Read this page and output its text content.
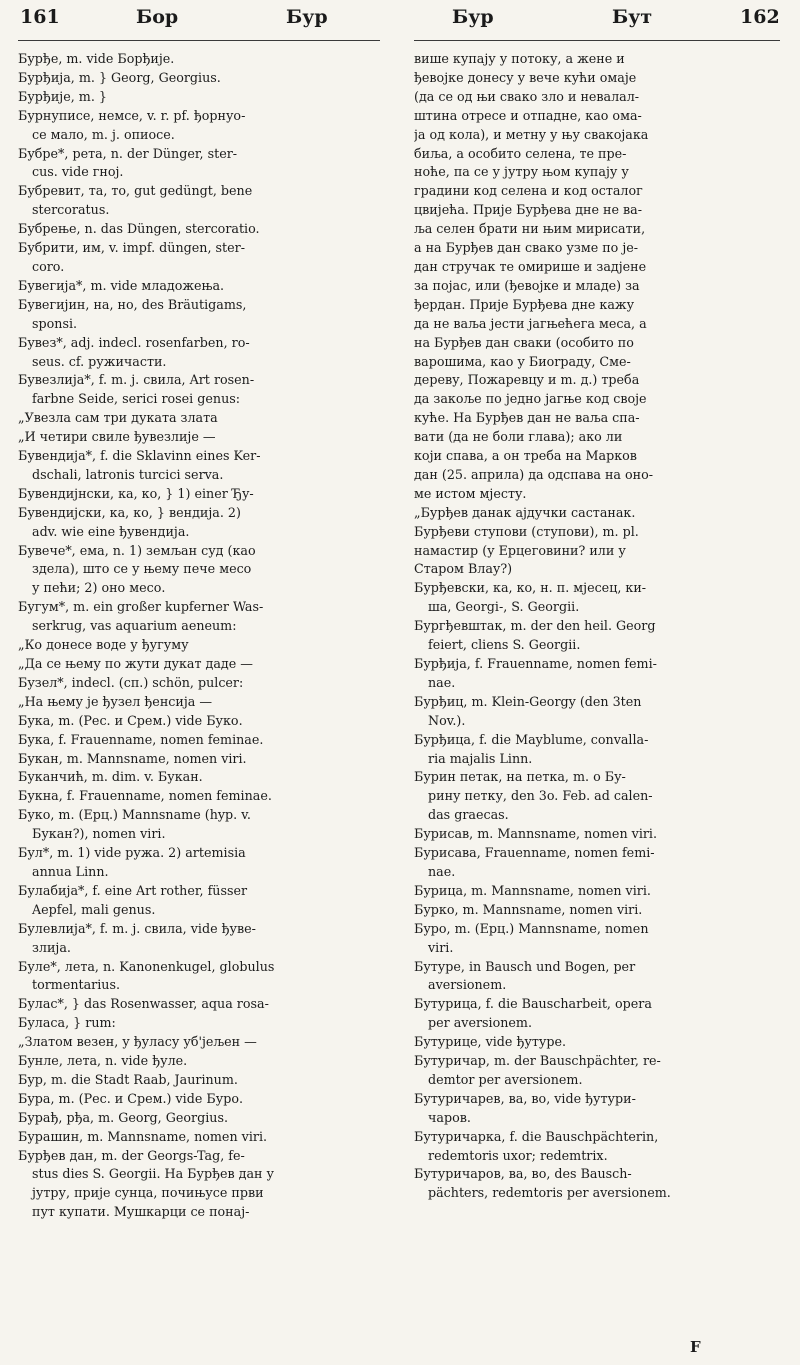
161	Бор	Бур	Бур	Бут	162
Бурђе, m. vide Борђије.
Бурђија, m. } Georg, Georgius.
Бурђије, m. }
Бурнуписе, немсе, v. r. pf. ђорнуо-
се мало, m. j. опиосе.
Бубре*, рета, n. der Dünger, ster-
cus. vide гној.
Бубревит, та, то, gut gedüngt, bene
stercoratus.
Бубрење, n. das Düngen, stercoratio.
Бубрити, им, v. impf. düngen, ster-
coro.
Бувегија*, m. vide младожења.
Бувегијин, на, но, des Bräutigams,
sponsi.
Бувез*, adj. indecl. rosenfarben, ro-
seus. cf. ружичасти.
Бувезлија*, f. m. j. свила, Art rosen-
farbne Seide, serici rosei genus:
„Увезла сам три дуката злата
„И четири свиле ђувезлије —
Бувендија*, f. die Sklavinn eines Ker-
dschali, latronis turcici serva.
Бувендијнски, ка, ко, } 1) einer Ђу-
Бувендијски, ка, ко, } вендија. 2)
adv. wie eine ђувендија.
Бувече*, ема, n. 1) земљан суд (као
здела), што се у њему пече месо
у пећи; 2) оно месо.
Бугум*, m. ein großer kupferner Was-
serkrug, vas aquarium aeneum:
„Ко донесе воде у ђугуму
„Да се њему по жути дукат даде —
Бузел*, indecl. (сп.) schön, pulcer:
„На њему је ђузел ђенсија —
Бука, m. (Рес. и Срем.) vide Буко.
Бука, f. Frauenname, nomen feminae.
Букан, m. Mannsname, nomen viri.
Буканчић, m. dim. v. Букан.
Букна, f. Frauenname, nomen feminae.
Буко, m. (Ерц.) Mannsname (hyp. v.
Букан?), nomen viri.
Бул*, m. 1) vide ружа. 2) artemisia
annua Linn.
Булабија*, f. eine Art rother, füsser
Aepfel, mali genus.
Булевлија*, f. m. j. свила, vide ђуве-
злија.
Буле*, лета, n. Kanonenkugel, globulus
tormentarius.
Булас*, } das Rosenwasser, aqua rosa-
Буласа, } rum:
„Златом везен, у ђуласу уб'јељен —
Бунле, лета, n. vide ђуле.
Бур, m. die Stadt Raab, Jaurinum.
Бура, m. (Рес. и Срем.) vide Буро.
Бурађ, рђа, m. Georg, Georgius.
Бурашин, m. Mannsname, nomen viri.
Бурђев дан, m. der Georgs-Tag, fe-
stus dies S. Georgii. На Бурђев дан у
јутру, прије сунца, почињуce први
пут купати. Мушкарци се понај-
више купају у потоку, а жене и
ђевојке донесу у вече кући омаје
(да се од њи свако зло и невалал-
штина отресе и отпадне, као ома-
ја од кола), и метну у њу свакојака
биља, а особито селена, те пре-
ноће, па се у јутру њом купају у
градини код селена и код осталог
цвијећа. Прије Бурђева дне не ва-
ља селен брати ни њим мирисати,
а на Бурђев дан свако узме по је-
дан стручак те омирише и задјене
за појас, или (ђевојке и младе) за
ђердан. Прије Бурђева дне кажу
да не ваља јести јагњећега меса, а
на Бурђев дан сваки (особито по
варошима, као у Биоrраду, Сме-
дереву, Пожаревцу и m. д.) треба
да закоље по једно јагње код своје
куће. На Бурђев дан не ваља спа-
вати (да не боли глава); ако ли
који спава, а он треба на Марков
дан (25. априла) да одспава на оно-
ме истом мјесту.
„Бурђев данак ајдучки састанак.
Бурђеви ступови (ступови), m. pl.
намастир (у Ерцеговини? или у
Старом Влау?)
Бурђевски, ка, ко, н. п. мјесец, ки-
ша, Georgi-, S. Georgii.
Бургђевштак, m. der den heil. Georg
feiert, cliens S. Georgii.
Бурђија, f. Frauenname, nomen femi-
nae.
Бурђиц, m. Klein-Georgy (den 3ten
Nov.).
Бурђица, f. die Mayblume, convalla-
ria majalis Linn.
Бурин петак, на петка, m. о Бу-
рину петку, den 3o. Feb. ad calen-
das graecas.
Бурисав, m. Mannsname, nomen viri.
Бурисава, Frauenname, nomen femi-
nae.
Бурица, m. Mannsname, nomen viri.
Бурко, m. Mannsname, nomen viri.
Буро, m. (Ерц.) Mannsname, nomen
viri.
Бутуре, in Bausch und Bogen, per
aversionem.
Бутурица, f. die Bauscharbeit, opera
per aversionem.
Бутурице, vide ђутуре.
Бутуричар, m. der Bauschpächter, re-
demtor per aversionem.
Бутуричарев, ва, во, vide ђутури-
чаров.
Бутуричарка, f. die Bauschpächterin,
redemtoris uxor; redemtrix.
Бутуричаров, ва, во, des Bausch-
pächters, redemtoris per aversionem.
F
